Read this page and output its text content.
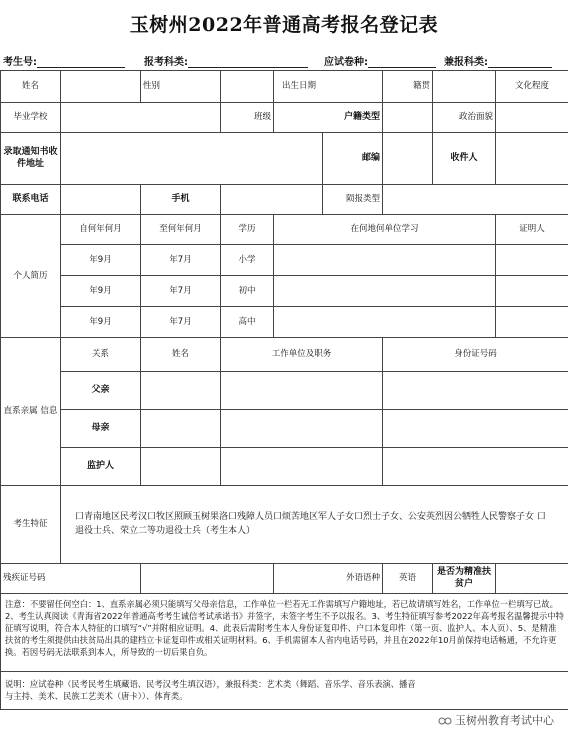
玉树州2022年普通高考报名登记表
考生号:	报考科类:	应试卷种:	兼报科类:
姓名		性别		出生日期		籍贯		文化程度
毕业学校			班级	户籍类型			政治面貌	
录取通知书收件地址					邮编		收件人	
联系电话		手机			陨报类型			
个人简历	自何年何月	至何年何月	学历	在何地何单位学习				证明人
	年9月	年7月	小学					
	年9月	年7月	初中					
	年9月	年7月	高中					
直系亲属 信息	关系	姓名	工作单位及职务			身份证号码		
	父亲							
	母亲							
	监护人							
考生特征	口青南地区民考汉口牧区照顾玉树果洛口残障人员口烦苦地区军人子女口烈士子女、公安英烈因公牺牲人民警察子女 口退役士兵、荣立二等功退役士兵（考生本人）							
残疾证号码				外语语种		英语	是否为精准扶贫户	
注意：不要留任何空白：1、直系亲属必须只能填写父母亲信息，工作单位一栏若无工作需填写户籍地址，若已故请填写姓名，工作单位一栏填写已故。2、考生认真阅读《青海省2022年普通高考考生诚信考试承诺书》并签字，未签字考生不予以报名。3、考生特征填写参考2022年高考报名温馨提示中特征填写说明，符合本人特征的口填写“√”并附相应证明。4、此表后需附考生本人身份证复印件、户口本复印件（第一页、监护人、本人页）、5、是精准扶贫的考生须提供由扶贫局出具的建档立卡证复印件或相关证明材料。6、手机需留本人省内电话号码，并且在2022年10月前保持电话畅通，不允许更换。若因号码无法联系到本人，所导致的一切后果自负。								
说明：应试卷种（民考民考生填藏语、民考汉考生填汉语），兼报科类：艺术类（舞蹈、音乐学、音乐表演、播音与主持、美术、民族工艺美术（唐卡））、体育类。								
玉树州教育考试中心
